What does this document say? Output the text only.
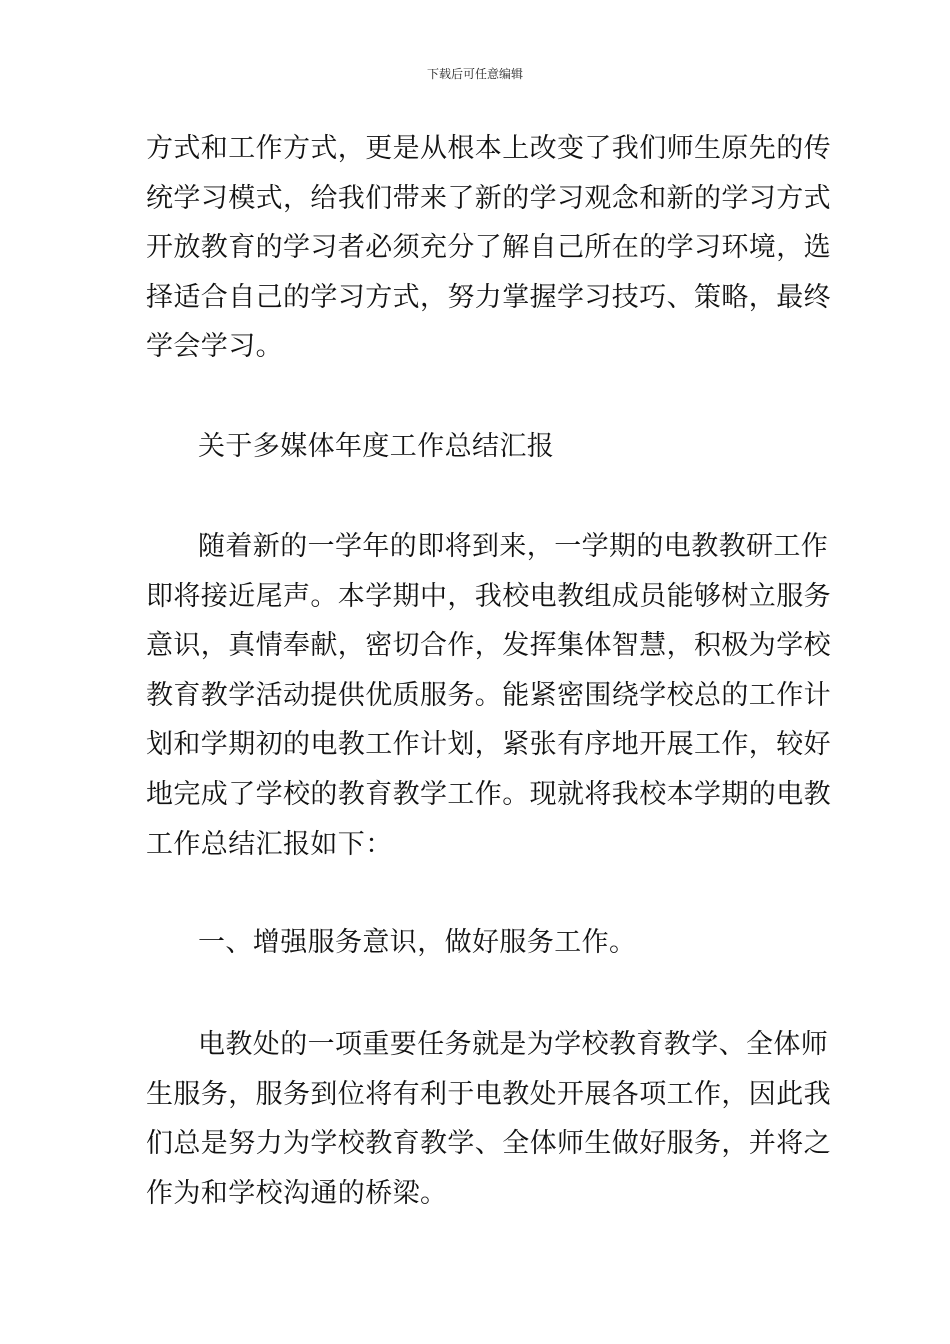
下载后可任意编辑
方式和工作方式，更是从根本上改变了我们师生原先的传
统学习模式，给我们带来了新的学习观念和新的学习方式
开放教育的学习者必须充分了解自己所在的学习环境，选
择适合自己的学习方式，努力掌握学习技巧、策略，最终
学会学习。
关于多媒体年度工作总结汇报
随着新的一学年的即将到来，一学期的电教教研工作
即将接近尾声。本学期中，我校电教组成员能够树立服务
意识，真情奉献，密切合作，发挥集体智慧，积极为学校
教育教学活动提供优质服务。能紧密围绕学校总的工作计
划和学期初的电教工作计划，紧张有序地开展工作，较好
地完成了学校的教育教学工作。现就将我校本学期的电教
工作总结汇报如下：
一、增强服务意识，做好服务工作。
电教处的一项重要任务就是为学校教育教学、全体师
生服务，服务到位将有利于电教处开展各项工作，因此我
们总是努力为学校教育教学、全体师生做好服务，并将之
作为和学校沟通的桥梁。
